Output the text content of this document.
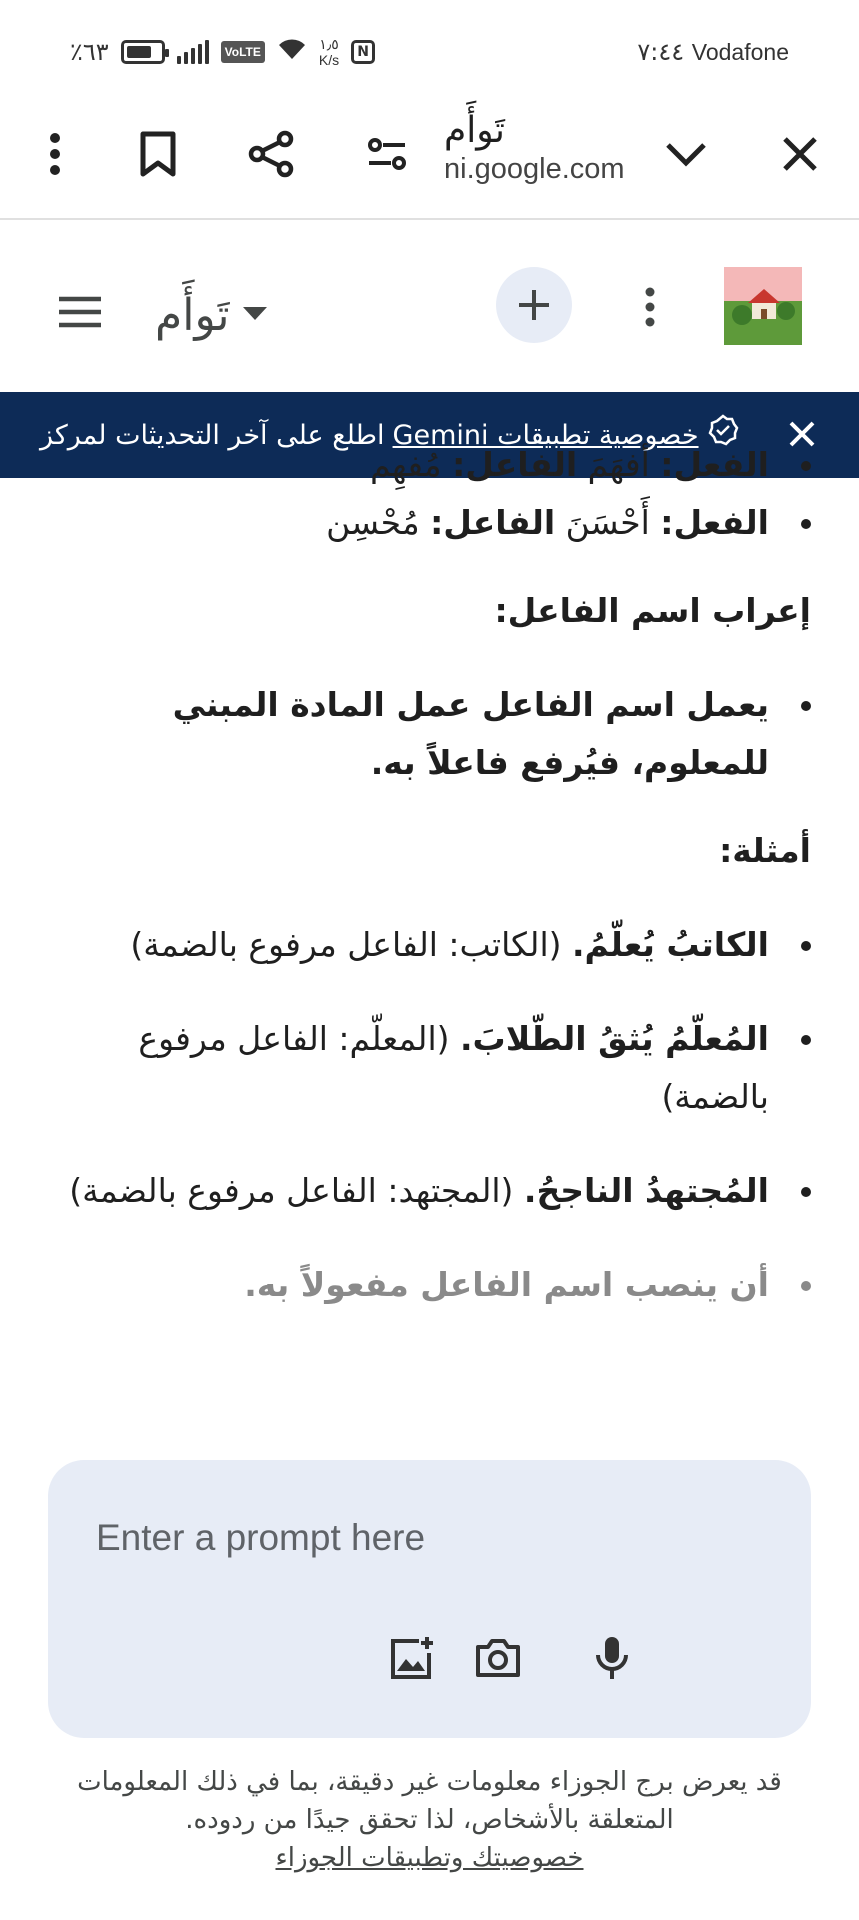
٪٦٣	VoLTE	١٫٥
K/s	N	٧:٤٤ Vodafone
تَوأَم
ni.google.com
تَوأَم
خصوصية تطبيقات Gemini
اطلع على آخر التحديثات لمركز
الفعل: أفهَمَ الفاعل: مُفهِم
الفعل: أَحْسَنَ الفاعل: مُحْسِن
إعراب اسم الفاعل:
يعمل اسم الفاعل عمل المادة المبني للمعلوم، فيُرفع فاعلاً به.
أمثلة:
الكاتبُ يُعلّمُ. (الكاتب: الفاعل مرفوع بالضمة)
المُعلّمُ يُثقُ الطّلابَ. (المعلّم: الفاعل مرفوع بالضمة)
المُجتهدُ الناجحُ. (المجتهد: الفاعل مرفوع بالضمة)
أن ينصب اسم الفاعل مفعولاً به.
Enter a prompt here
قد يعرض برج الجوزاء معلومات غير دقيقة، بما في ذلك المعلومات المتعلقة بالأشخاص، لذا تحقق جيدًا من ردوده.
خصوصيتك وتطبيقات الجوزاء
